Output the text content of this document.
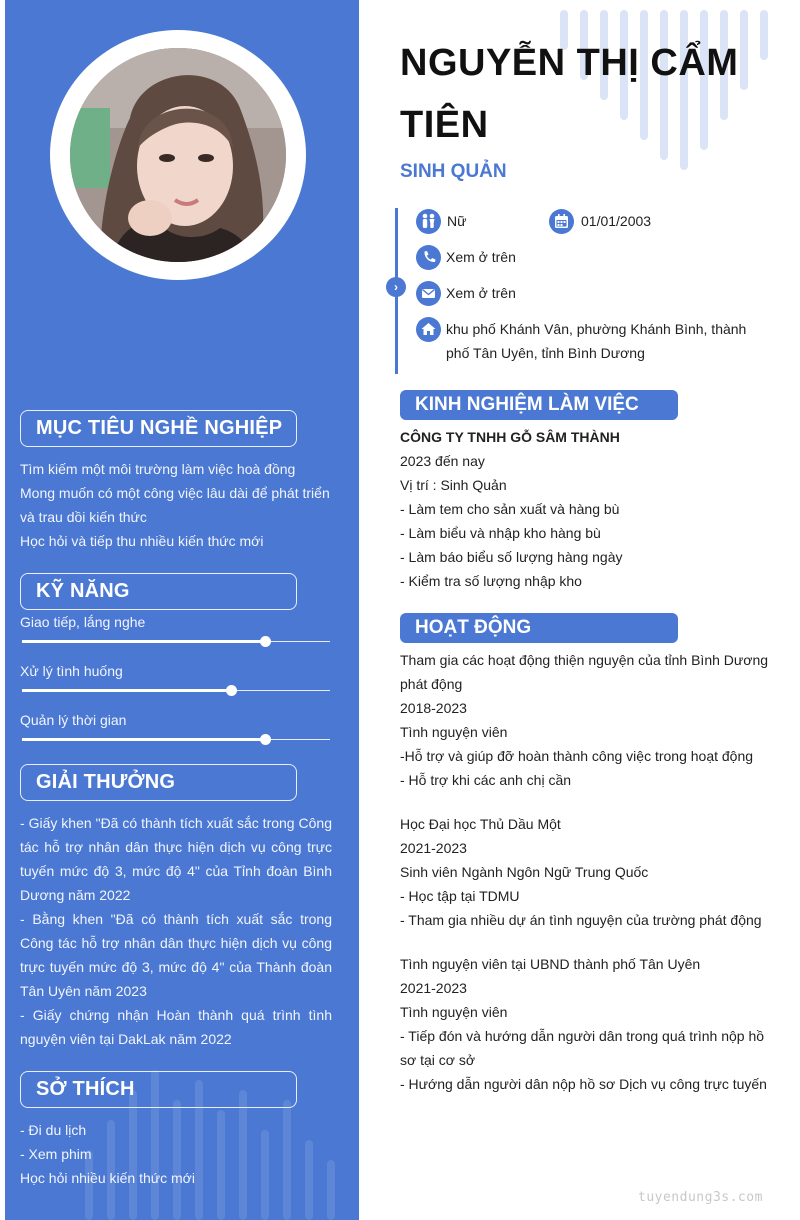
MỤC TIÊU NGHỀ NGHIỆP

Tìm kiếm một môi trường làm việc hoà đồng

Mong muốn có một công việc lâu dài để phát triển và trau dồi kiến thức

Học hỏi và tiếp thu nhiều kiến thức mới

KỸ NĂNG
Giao tiếp, lắng nghe
Xử lý tình huống
Quản lý thời gian
GIẢI THƯỞNG

- Giấy khen "Đã có thành tích xuất sắc trong Công tác hỗ trợ nhân dân thực hiện dịch vụ công trực tuyến mức độ 3, mức độ 4" của Tỉnh đoàn Bình Dương năm 2022

- Bằng khen "Đã có thành tích xuất sắc trong Công tác hỗ trợ nhân dân thực hiện dịch vụ công trực tuyến mức độ 3, mức độ 4" của Thành đoàn Tân Uyên năm 2023

- Giấy chứng nhận Hoàn thành quá trình tình nguyện viên tại DakLak năm 2022

SỞ THÍCH

- Đi du lịch

- Xem phim

Học hỏi nhiều kiến thức mới

NGUYỄN THỊ CẨM TIÊN
SINH QUẢN
›
Nữ	01/01/2003
Xem ở trên
Xem ở trên
khu phố Khánh Vân, phường Khánh Bình, thành phố Tân Uyên, tỉnh Bình Dương
KINH NGHIỆM LÀM VIỆC

CÔNG TY TNHH GỖ SÂM THÀNH

2023 đến nay

Vị trí : Sinh Quản

- Làm tem cho sản xuất và hàng bù

- Làm biểu và nhập kho hàng bù

- Làm báo biểu số lượng hàng ngày

- Kiểm tra số lượng nhập kho

HOẠT ĐỘNG

Tham gia các hoạt động thiện nguyện của tỉnh Bình Dương phát động

2018-2023

Tình nguyện viên

-Hỗ trợ và giúp đỡ hoàn thành công việc trong hoạt động

- Hỗ trợ khi các anh chị cần

Học Đại học Thủ Dầu Một

2021-2023

Sinh viên Ngành Ngôn Ngữ Trung Quốc

- Học tập tại TDMU

- Tham gia nhiều dự án tình nguyện của trường phát động

Tình nguyện viên tại UBND thành phố Tân Uyên

2021-2023

Tình nguyện viên

- Tiếp đón và hướng dẫn người dân trong quá trình nộp hồ sơ tại cơ sở

- Hướng dẫn người dân nộp hồ sơ Dịch vụ công trực tuyến

tuyendung3s.com
